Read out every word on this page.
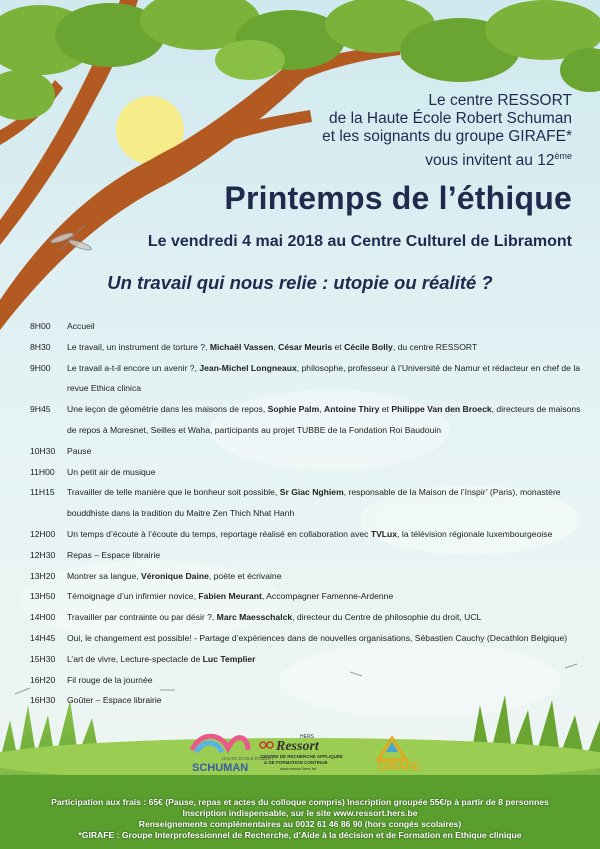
Le centre RESSORT
de la Haute École Robert Schuman
et les soignants du groupe GIRAFE*
vous invitent au 12ème
Printemps de l’éthique
Le vendredi 4 mai 2018 au Centre Culturel de Libramont
Un travail qui nous relie : utopie ou réalité ?
8H00	Accueil
8H30	Le travail, un instrument de torture ?, Michaël Vassen, César Meuris et Cécile Bolly, du centre RESSORT
9H00	Le travail a-t-il encore un avenir ?, Jean-Michel Longneaux, philosophe, professeur à l’Université de Namur et rédacteur en chef de la revue Ethica clinica
9H45	Une leçon de géométrie dans les maisons de repos, Sophie Palm, Antoine Thiry et Philippe Van den Broeck, directeurs de maisons de repos à Moresnet, Seilles et Waha, participants au projet TUBBE de la Fondation Roi Baudouin
10H30	Pause
11H00	Un petit air de musique
11H15	Travailler de telle manière que le bonheur soit possible, Sr Giac Nghiem, responsable de la Maison de l’Inspir’ (Paris), monastère bouddhiste dans la tradition du Maitre Zen Thich Nhat Hanh
12H00	Un temps d’écoute à l’écoute du temps, reportage réalisé en collaboration avec TVLux, la télévision régionale luxembourgeoise
12H30	Repas – Espace librairie
13H20	Montrer sa langue, Véronique Daine, poète et écrivaine
13H50	Témoignage d’un infirmier novice, Fabien Meurant, Accompagner Famenne-Ardenne
14H00	Travailler par contrainte ou par désir ?, Marc Maesschalck, directeur du Centre de philosophie du droit, UCL
14H45	Oui, le changement est possible! - Partage d’expériences dans de nouvelles organisations, Sébastien Cauchy (Decathlon Belgique)
15H30	L’art de vivre, Lecture-spectacle de Luc Templier
16H20	Fil rouge de la journée
16H30	Goûter – Espace librairie
HAUTE ÉCOLE ROBERT
SCHUMAN
HERS
Ressort
CENTRE DE RECHERCHE APPLIQUÉE
& DE FORMATION CONTINUE
www.ressort.hers.be	GIRAFE
Participation aux frais : 65€ (Pause, repas et actes du colloque compris) Inscription groupée 55€/p à partir de 8 personnes
Inscription indispensable, sur le site www.ressort.hers.be
Renseignements complémentaires au 0032 61 46 86 90 (hors congés scolaires)
*GIRAFE : Groupe Interprofessionnel de Recherche, d’Aide à la décision et de Formation en Ethique clinique
